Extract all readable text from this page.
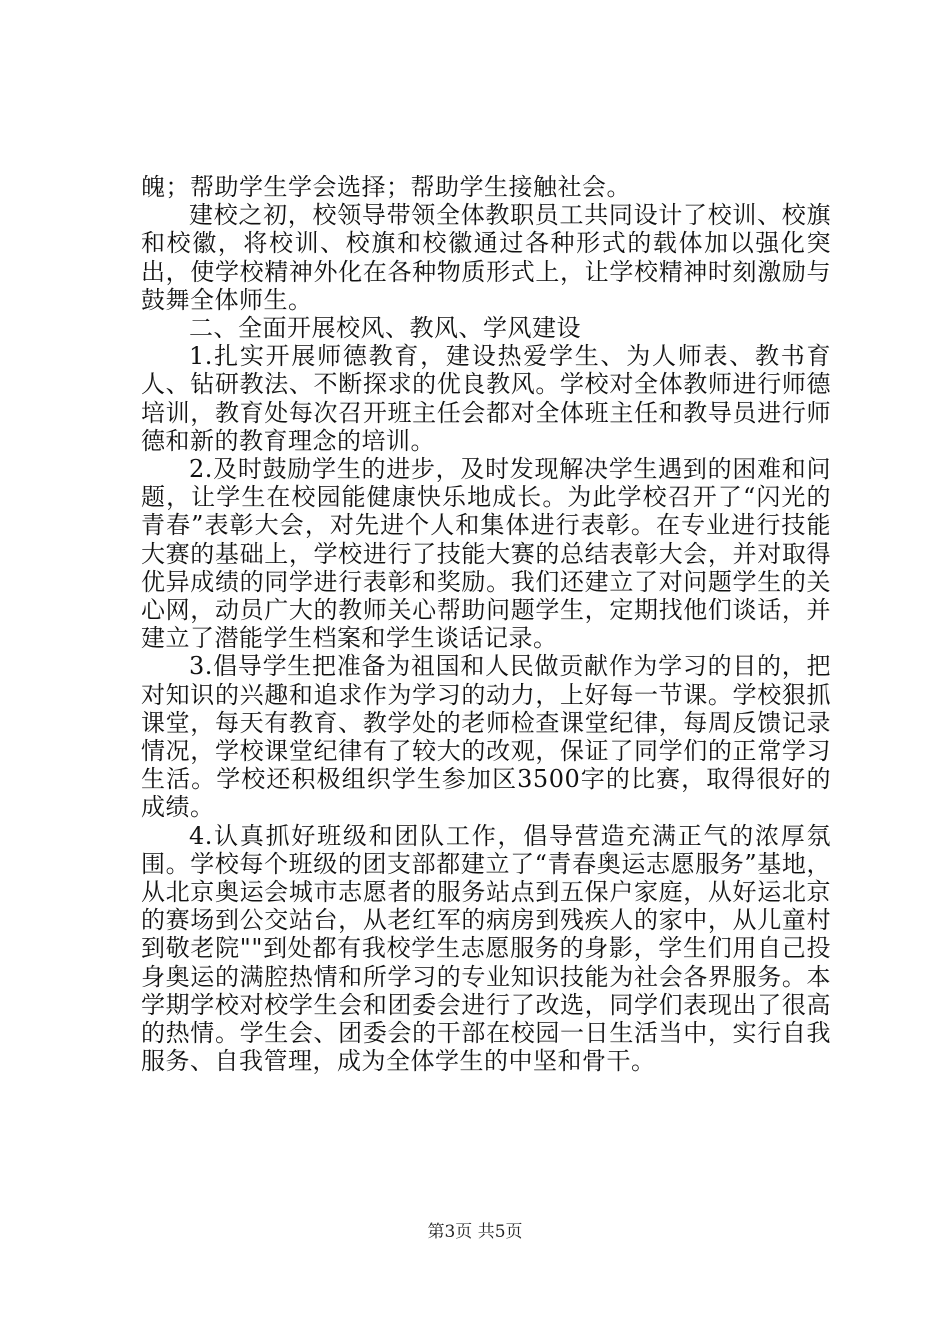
魄；帮助学生学会选择；帮助学生接触社会。

建校之初，校领导带领全体教职员工共同设计了校训、校旗和校徽，将校训、校旗和校徽通过各种形式的载体加以强化突出，使学校精神外化在各种物质形式上，让学校精神时刻激励与鼓舞全体师生。

二、全面开展校风、教风、学风建设

1.扎实开展师德教育，建设热爱学生、为人师表、教书育人、钻研教法、不断探求的优良教风。学校对全体教师进行师德培训，教育处每次召开班主任会都对全体班主任和教导员进行师德和新的教育理念的培训。

2.及时鼓励学生的进步，及时发现解决学生遇到的困难和问题，让学生在校园能健康快乐地成长。为此学校召开了“闪光的青春”表彰大会，对先进个人和集体进行表彰。在专业进行技能大赛的基础上，学校进行了技能大赛的总结表彰大会，并对取得优异成绩的同学进行表彰和奖励。我们还建立了对问题学生的关心网，动员广大的教师关心帮助问题学生，定期找他们谈话，并建立了潜能学生档案和学生谈话记录。

3.倡导学生把准备为祖国和人民做贡献作为学习的目的，把对知识的兴趣和追求作为学习的动力，上好每一节课。学校狠抓课堂，每天有教育、教学处的老师检查课堂纪律，每周反馈记录情况，学校课堂纪律有了较大的改观，保证了同学们的正常学习生活。学校还积极组织学生参加区3500字的比赛，取得很好的成绩。

4.认真抓好班级和团队工作，倡导营造充满正气的浓厚氛围。学校每个班级的团支部都建立了“青春奥运志愿服务”基地，从北京奥运会城市志愿者的服务站点到五保户家庭，从好运北京的赛场到公交站台，从老红军的病房到残疾人的家中，从儿童村到敬老院""到处都有我校学生志愿服务的身影，学生们用自己投身奥运的满腔热情和所学习的专业知识技能为社会各界服务。本学期学校对校学生会和团委会进行了改选，同学们表现出了很高的热情。学生会、团委会的干部在校园一日生活当中，实行自我服务、自我管理，成为全体学生的中坚和骨干。

第3页 共5页
